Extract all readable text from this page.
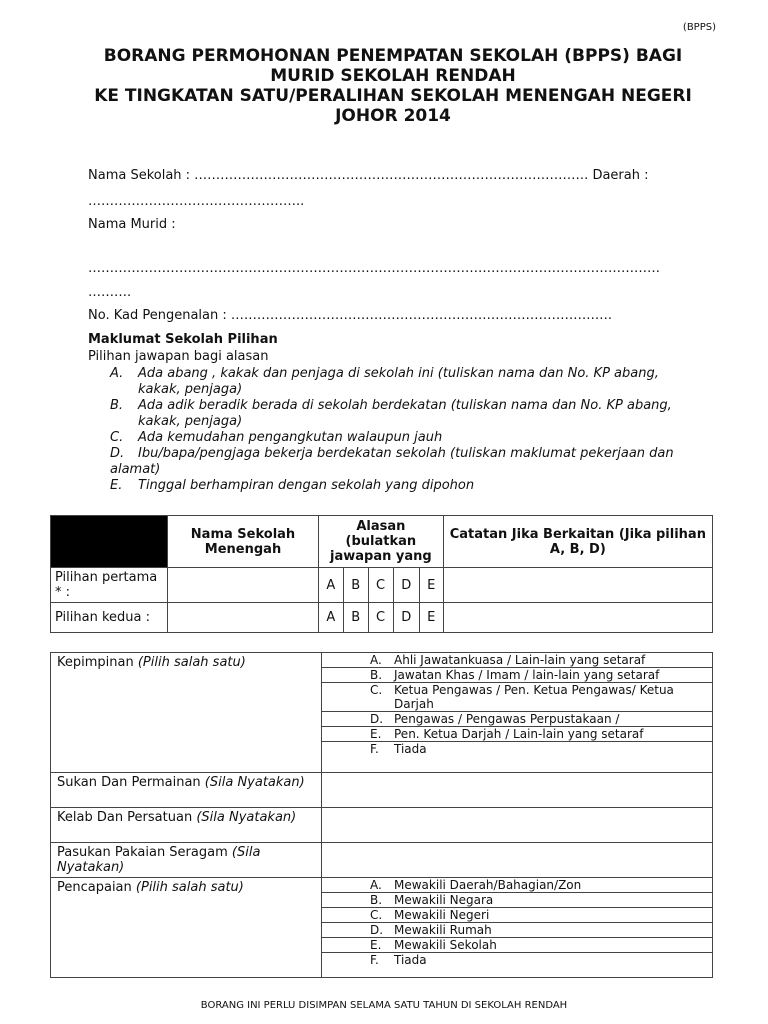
(BPPS)
BORANG PERMOHONAN PENEMPATAN SEKOLAH (BPPS) BAGI
MURID SEKOLAH RENDAH
KE TINGKATAN SATU/PERALIHAN SEKOLAH MENENGAH NEGERI
JOHOR 2014
Nama Sekolah : ………………………………………………………………………………. Daerah :
…………………………………………..
Nama Murid :
……………………………………………………………………………………………………………………
……….
No. Kad Pengenalan : …………………………………………………………………………….
Maklumat Sekolah Pilihan
Pilihan jawapan bagi alasan
A. Ada abang , kakak dan penjaga di sekolah ini (tuliskan nama dan No. KP abang,
kakak, penjaga)
B. Ada adik beradik berada di sekolah berdekatan (tuliskan nama dan No. KP abang,
kakak, penjaga)
C. Ada kemudahan pengangkutan walaupun jauh
D. Ibu/bapa/pengjaga bekerja berdekatan sekolah (tuliskan maklumat pekerjaan dan
alamat)
E. Tinggal berhampiran dengan sekolah yang dipohon
	Nama Sekolah Menengah	Alasan (bulatkan jawapan yang					Catatan Jika Berkaitan (Jika pilihan A, B, D)
Pilihan pertama * :		A	B	C	D	E	
Pilihan kedua :		A	B	C	D	E	
Kepimpinan (Pilih salah satu)	
		A.	Ahli Jawatankuasa / Lain-lain yang setaraf
	B.	Jawatan Khas / Imam / lain-lain yang setaraf
	C.	Ketua Pengawas / Pen. Ketua Pengawas/ Ketua Darjah
	D.	Pengawas / Pengawas Perpustakaan /
	E.	Pen. Ketua Darjah / Lain-lain yang setaraf
	F.	Tiada

Sukan Dan Permainan (Sila Nyatakan)	
Kelab Dan Persatuan (Sila Nyatakan)	
Pasukan Pakaian Seragam (Sila Nyatakan)	
Pencapaian (Pilih salah satu)	
		A.	Mewakili Daerah/Bahagian/Zon
	B.	Mewakili Negara
	C.	Mewakili Negeri
	D.	Mewakili Rumah
	E.	Mewakili Sekolah
	F.	Tiada
BORANG INI PERLU DISIMPAN SELAMA SATU TAHUN DI SEKOLAH RENDAH
